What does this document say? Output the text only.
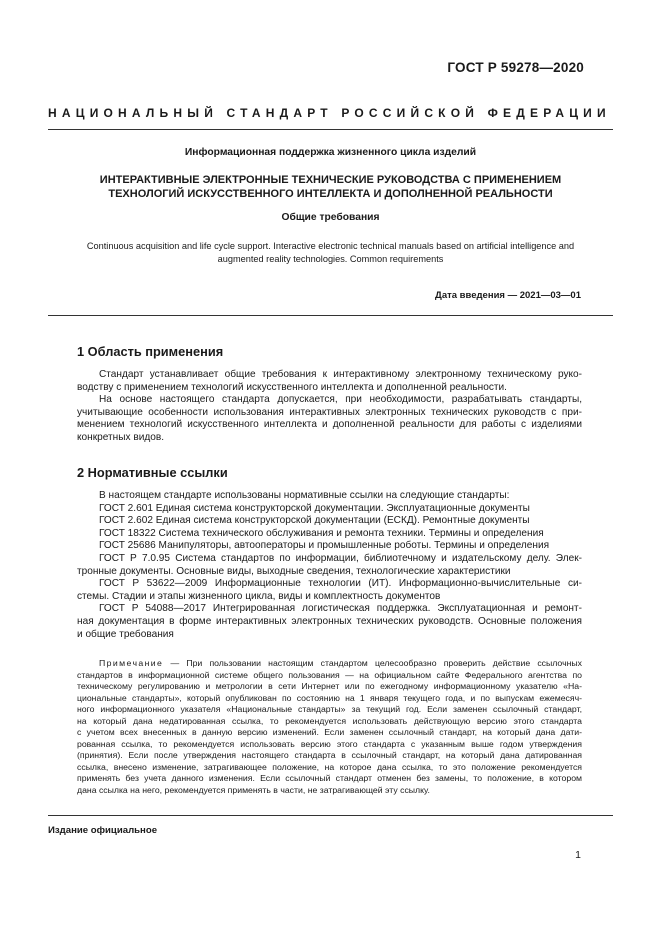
ГОСТ Р 59278—2020
НАЦИОНАЛЬНЫЙ СТАНДАРТ РОССИЙСКОЙ ФЕДЕРАЦИИ
Информационная поддержка жизненного цикла изделий
ИНТЕРАКТИВНЫЕ ЭЛЕКТРОННЫЕ ТЕХНИЧЕСКИЕ РУКОВОДСТВА С ПРИМЕНЕНИЕМ
ТЕХНОЛОГИЙ ИСКУССТВЕННОГО ИНТЕЛЛЕКТА И ДОПОЛНЕННОЙ РЕАЛЬНОСТИ
Общие требования
Continuous acquisition and life cycle support. Interactive electronic technical manuals based on artificial intelligence and
augmented reality technologies. Common requirements
Дата введения — 2021—03—01
1 Область применения
Стандарт устанавливает общие требования к интерактивному электронному техническому руко-
водству с применением технологий искусственного интеллекта и дополненной реальности.
На основе настоящего стандарта допускается, при необходимости, разрабатывать стандарты,
учитывающие особенности использования интерактивных электронных технических руководств с при-
менением технологий искусственного интеллекта и дополненной реальности для работы с изделиями
конкретных видов.
2 Нормативные ссылки
В настоящем стандарте использованы нормативные ссылки на следующие стандарты:
ГОСТ 2.601 Единая система конструкторской документации. Эксплуатационные документы
ГОСТ 2.602 Единая система конструкторской документации (ЕСКД). Ремонтные документы
ГОСТ 18322 Система технического обслуживания и ремонта техники. Термины и определения
ГОСТ 25686 Манипуляторы, автооператоры и промышленные роботы. Термины и определения
ГОСТ Р 7.0.95 Система стандартов по информации, библиотечному и издательскому делу. Элек-
тронные документы. Основные виды, выходные сведения, технологические характеристики
ГОСТ Р 53622—2009 Информационные технологии (ИТ). Информационно-вычислительные си-
стемы. Стадии и этапы жизненного цикла, виды и комплектность документов
ГОСТ Р 54088—2017 Интегрированная логистическая поддержка. Эксплуатационная и ремонт-
ная документация в форме интерактивных электронных технических руководств. Основные положения
и общие требования
Примечание — При пользовании настоящим стандартом целесообразно проверить действие ссылочных
стандартов в информационной системе общего пользования — на официальном сайте Федерального агентства по
техническому регулированию и метрологии в сети Интернет или по ежегодному информационному указателю «На-
циональные стандарты», который опубликован по состоянию на 1 января текущего года, и по выпускам ежемесяч-
ного информационного указателя «Национальные стандарты» за текущий год. Если заменен ссылочный стандарт,
на который дана недатированная ссылка, то рекомендуется использовать действующую версию этого стандарта
с учетом всех внесенных в данную версию изменений. Если заменен ссылочный стандарт, на который дана дати-
рованная ссылка, то рекомендуется использовать версию этого стандарта с указанным выше годом утверждения
(принятия). Если после утверждения настоящего стандарта в ссылочный стандарт, на который дана датированная
ссылка, внесено изменение, затрагивающее положение, на которое дана ссылка, то это положение рекомендуется
применять без учета данного изменения. Если ссылочный стандарт отменен без замены, то положение, в котором
дана ссылка на него, рекомендуется применять в части, не затрагивающей эту ссылку.
Издание официальное
1
